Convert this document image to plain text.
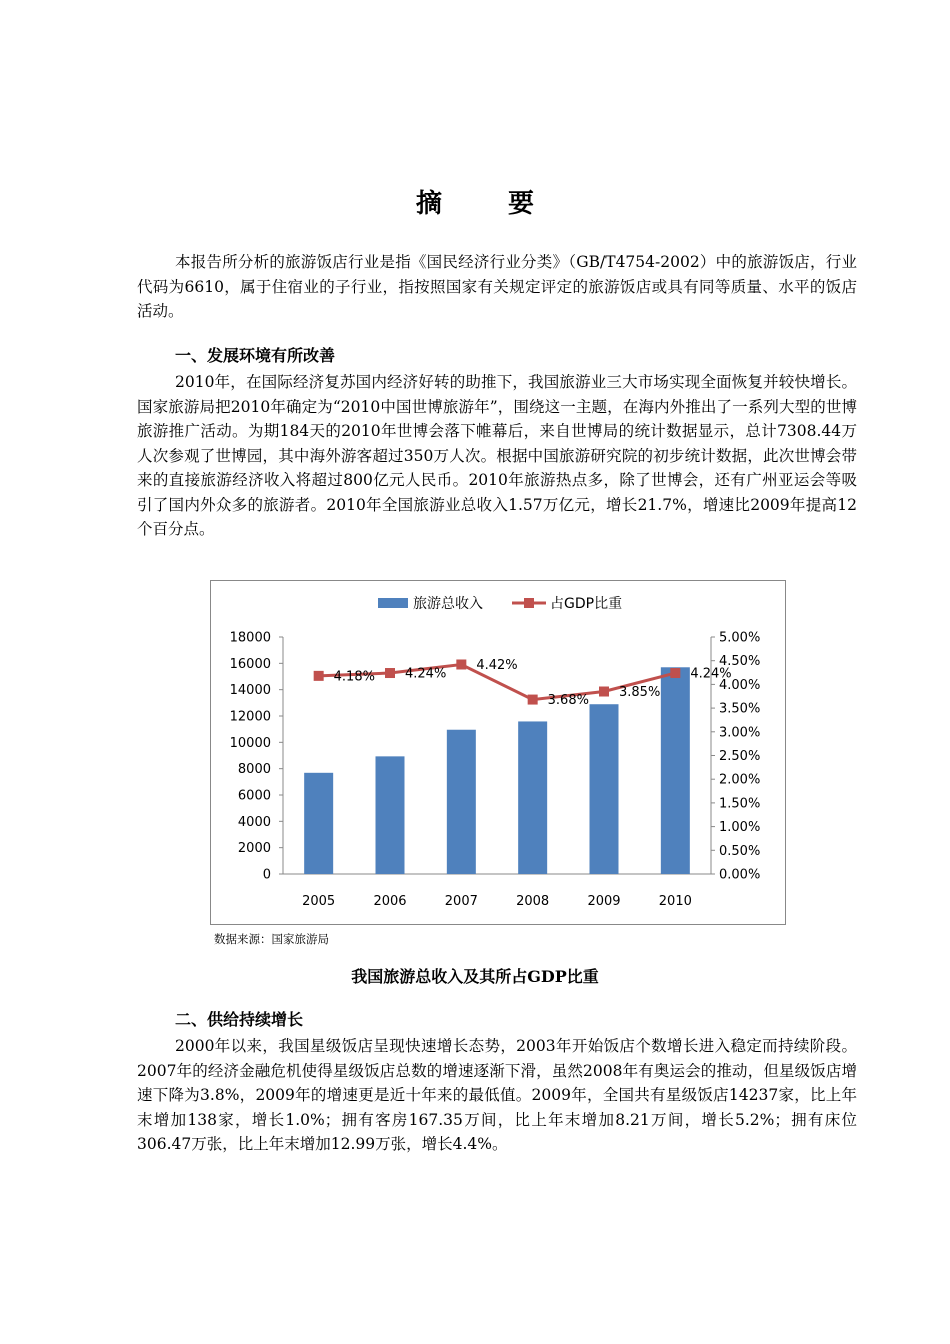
摘　要

本报告所分析的旅游饭店行业是指《国民经济行业分类》（GB/T4754-2002）中的旅游饭店，行业代码为6610，属于住宿业的子行业，指按照国家有关规定评定的旅游饭店或具有同等质量、水平的饭店活动。

一、发展环境有所改善

2010年，在国际经济复苏国内经济好转的助推下，我国旅游业三大市场实现全面恢复并较快增长。国家旅游局把2010年确定为“2010中国世博旅游年”，围绕这一主题，在海内外推出了一系列大型的世博旅游推广活动。为期184天的2010年世博会落下帷幕后，来自世博局的统计数据显示，总计7308.44万人次参观了世博园，其中海外游客超过350万人次。根据中国旅游研究院的初步统计数据，此次世博会带来的直接旅游经济收入将超过800亿元人民币。2010年旅游热点多，除了世博会，还有广州亚运会等吸引了国内外众多的旅游者。2010年全国旅游业总收入1.57万亿元，增长21.7%，增速比2009年提高12个百分点。

0
2000
4000
6000
8000
10000
12000
14000
16000
18000
0.00%
0.50%
1.00%
1.50%
2.00%
2.50%
3.00%
3.50%
4.00%
4.50%
5.00%
2005	2006	2007	2008	2009	2010
4.18% 4.24%
4.42%
3.68%
3.85%
4.24%
旅游总收入	占GDP比重
数据来源：国家旅游局
我国旅游总收入及其所占GDP比重
二、供给持续增长

2000年以来，我国星级饭店呈现快速增长态势，2003年开始饭店个数增长进入稳定而持续阶段。2007年的经济金融危机使得星级饭店总数的增速逐渐下滑，虽然2008年有奥运会的推动，但星级饭店增速下降为3.8%，2009年的增速更是近十年来的最低值。2009年，全国共有星级饭店14237家，比上年末增加138家，增长1.0%；拥有客房167.35万间，比上年末增加8.21万间，增长5.2%；拥有床位306.47万张，比上年末增加12.99万张，增长4.4%。
